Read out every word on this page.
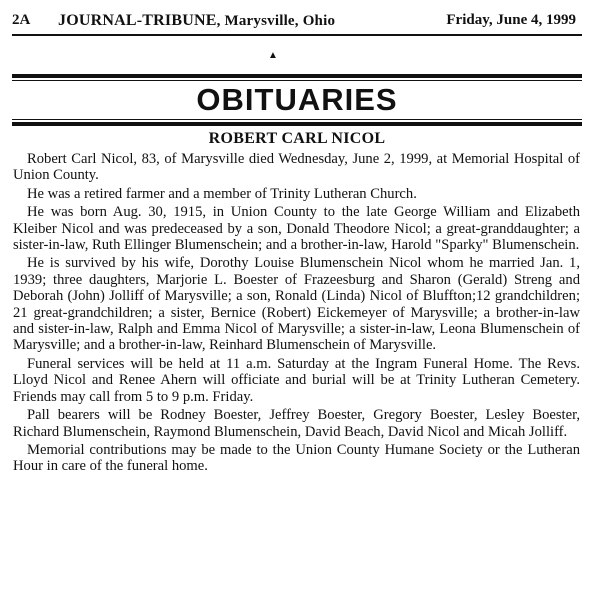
2A JOURNAL-TRIBUNE, Marysville, Ohio	Friday, June 4, 1999
▲
OBITUARIES
ROBERT CARL NICOL

Robert Carl Nicol, 83, of Marysville died Wednesday, June 2, 1999, at Memorial Hospital of Union County.

He was a retired farmer and a member of Trinity Lutheran Church.

He was born Aug. 30, 1915, in Union County to the late George William and Elizabeth Kleiber Nicol and was predeceased by a son, Donald Theodore Nicol; a great-granddaughter; a sister-in-law, Ruth Ellinger Blumenschein; and a brother-in-law, Harold "Sparky" Blumenschein.

He is survived by his wife, Dorothy Louise Blumenschein Nicol whom he married Jan. 1, 1939; three daughters, Marjorie L. Boester of Frazeesburg and Sharon (Gerald) Streng and Deborah (John) Jolliff of Marysville; a son, Ronald (Linda) Nicol of Bluffton;12 grandchildren; 21 great-grandchildren; a sister, Bernice (Robert) Eickemeyer of Marysville; a brother-in-law and sister-in-law, Ralph and Emma Nicol of Marysville; a sister-in-law, Leona Blumenschein of Marysville; and a brother-in-law, Reinhard Blumenschein of Marysville.

Funeral services will be held at 11 a.m. Saturday at the Ingram Funeral Home. The Revs. Lloyd Nicol and Renee Ahern will officiate and burial will be at Trinity Lutheran Cemetery. Friends may call from 5 to 9 p.m. Friday.

Pall bearers will be Rodney Boester, Jeffrey Boester, Gregory Boester, Lesley Boester, Richard Blumenschein, Raymond Blumenschein, David Beach, David Nicol and Micah Jolliff.

Memorial contributions may be made to the Union County Humane Society or the Lutheran Hour in care of the funeral home.
